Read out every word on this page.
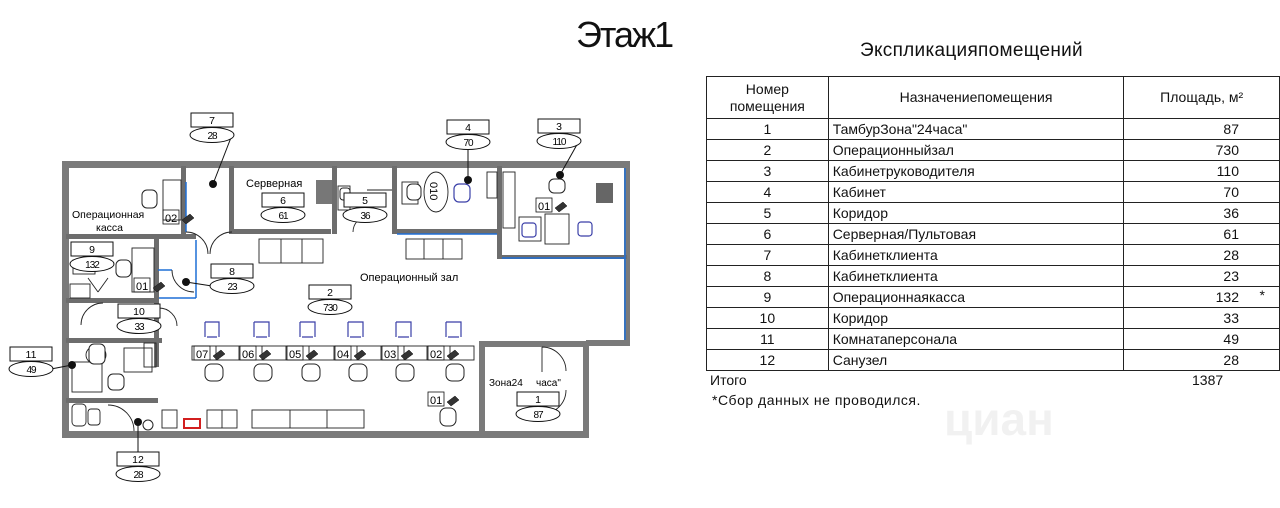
Этаж1
07	06	05	04	03	02
01
01
02
01
010
Операционная
касса
Серверная
Операционный зал
Зона24 часа"
7
28
4
70
3
110
6
61
5
36
9
132
8
23	2
730
10
33
11
49
1
87
12
28
Экспликацияпомещений
Номер
помещения	Назначениепомещения	Площадь, м²
1	ТамбурЗона"24часа"	87
2	Операционныйзал	730
3	Кабинетруководителя	110
4	Кабинет	70
5	Коридор	36
6	Серверная/Пультовая	61
7	Кабинетклиента	28
8	Кабинетклиента	23
9	Операционнаякасса	132 *

10	Коридор	33
11	Комнатаперсонала	49
12	Санузел	28
Итого	1387
*Сбор данных не проводился. циан
